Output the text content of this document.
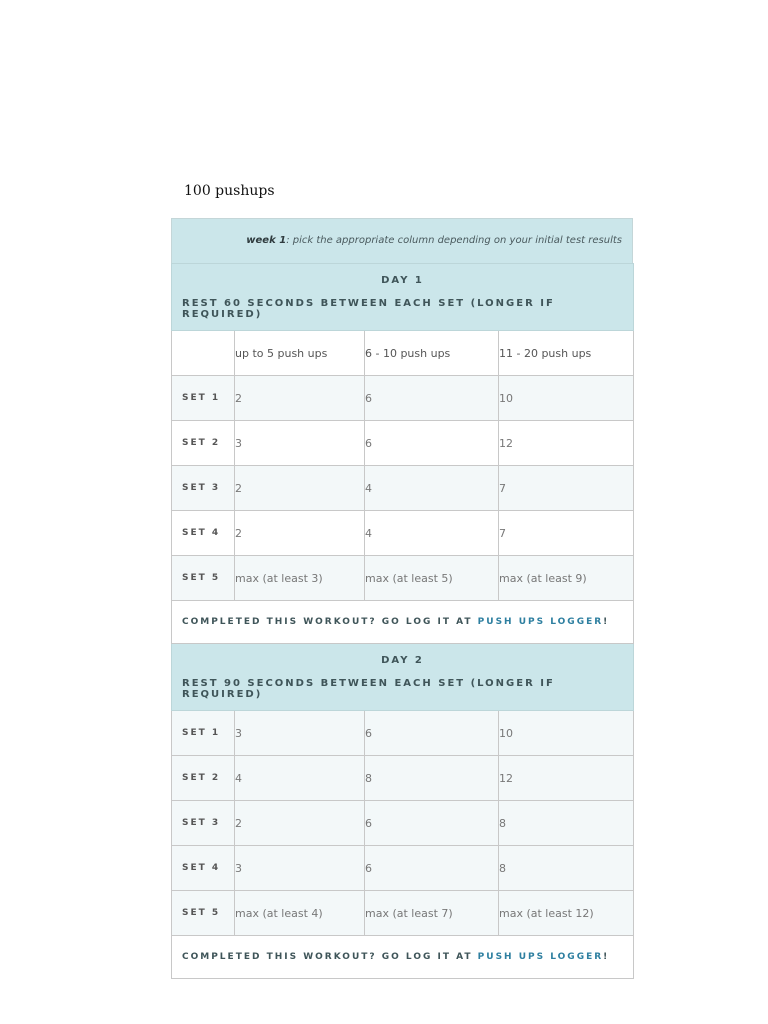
100 pushups
week 1: pick the appropriate column depending on your initial test results
DAY 1
REST 60 SECONDS BETWEEN EACH SET (LONGER IF REQUIRED)			

	up to 5 push ups	6 - 10 push ups	11 - 20 push ups
SET 1	2	6	10
SET 2	3	6	12
SET 3	2	4	7
SET 4	2	4	7
SET 5	max (at least 3)	max (at least 5)	max (at least 9)
COMPLETED THIS WORKOUT? GO LOG IT AT PUSH UPS LOGGER!			

DAY 2
REST 90 SECONDS BETWEEN EACH SET (LONGER IF REQUIRED)			

SET 1	3	6	10
SET 2	4	8	12
SET 3	2	6	8
SET 4	3	6	8
SET 5	max (at least 4)	max (at least 7)	max (at least 12)
COMPLETED THIS WORKOUT? GO LOG IT AT PUSH UPS LOGGER!			
